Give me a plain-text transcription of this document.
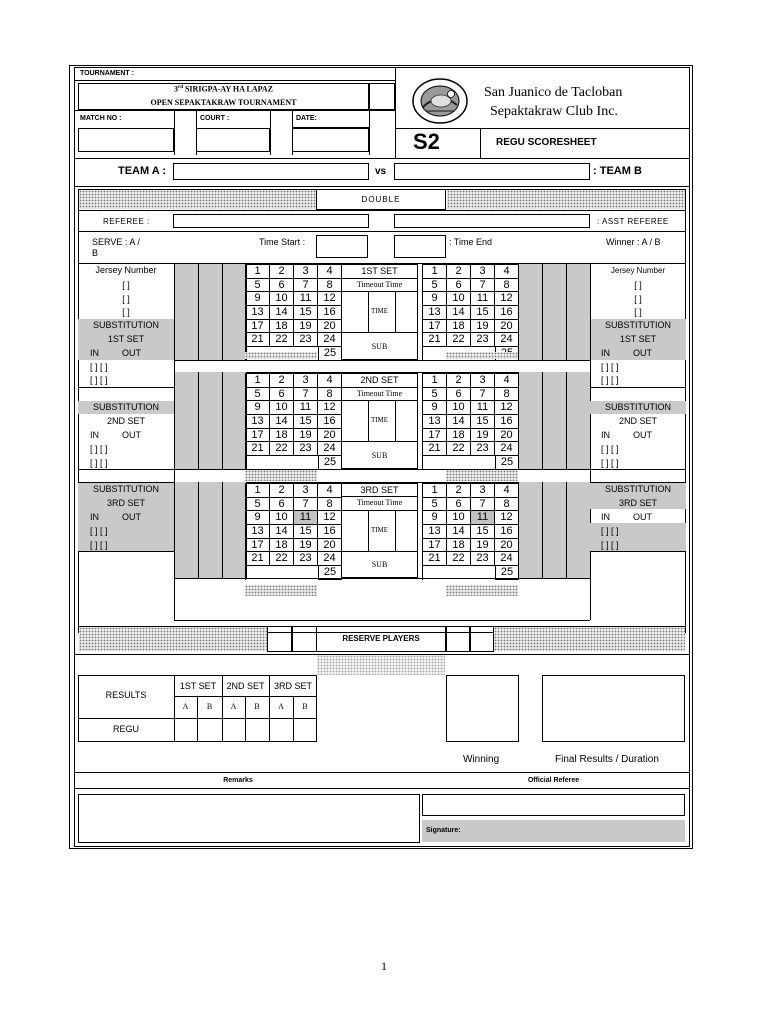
TOURNAMENT :
3rd SIRIGPA-AY HA LAPAZ
OPEN SEPAKTAKRAW TOURNAMENT
MATCH NO :	COURT :	DATE:
San Juanico de Tacloban
Sepaktakraw Club Inc.
S2	REGU SCORESHEET
TEAM A :	vs	: TEAM B
DOUBLE
REFEREE :	: ASST REFEREE
SERVE : A /
B
Time Start :	: Time End	Winner : A / B
Jersey Number
[ ]
[ ]
[ ]
SUBSTITUTION
1ST SET
IN	OUT
[ ] [ ]
[ ] [ ]
1	2	3	4
5	6	7	8
9	10	11	12
13	14	15	16
17	18	19	20
21	22	23	24
25
1ST SET
Timeout Time
TIME
SUB
1	2	3	4
5	6	7	8
9	10	11	12
13	14	15	16
17	18	19	20
21	22	23	24
Jersey Number
[ ]
[ ]
[ ]
SUBSTITUTION
1ST SET
IN	OUT
[ ] [ ]
[ ] [ ]
SUBSTITUTION
2ND SET
IN	OUT
[ ] [ ]
[ ] [ ]
1	2	3	4
5	6	7	8
9	10	11	12
13	14	15	16
17	18	19	20
21	22	23	24
25
2ND SET
Timeout Time
TIME
SUB
1	2	3	4
5	6	7	8
9	10	11	12
13	14	15	16
17	18	19	20
21	22	23	24
25
SUBSTITUTION
2ND SET
IN	OUT
[ ] [ ]
[ ] [ ]
SUBSTITUTION
3RD SET
IN	OUT
[ ] [ ]
[ ] [ ]
1	2	3	4
5	6	7	8
9	10	11	12
13	14	15	16
17	18	19	20
21	22	23	24
25
3RD SET
Timeout Time
TIME
SUB
1	2	3	4
5	6	7	8
9	10	11	12
13	14	15	16
17	18	19	20
21	22	23	24
25
SUBSTITUTION
3RD SET
IN	OUT
[ ] [ ]
[ ] [ ]
RESERVE PLAYERS
RESULTS
REGU
1ST SET	2ND SET	3RD SET
A	B	A	B	A	B
Winning	Final Results / Duration
Remarks	Official Referee
Signature:
1
